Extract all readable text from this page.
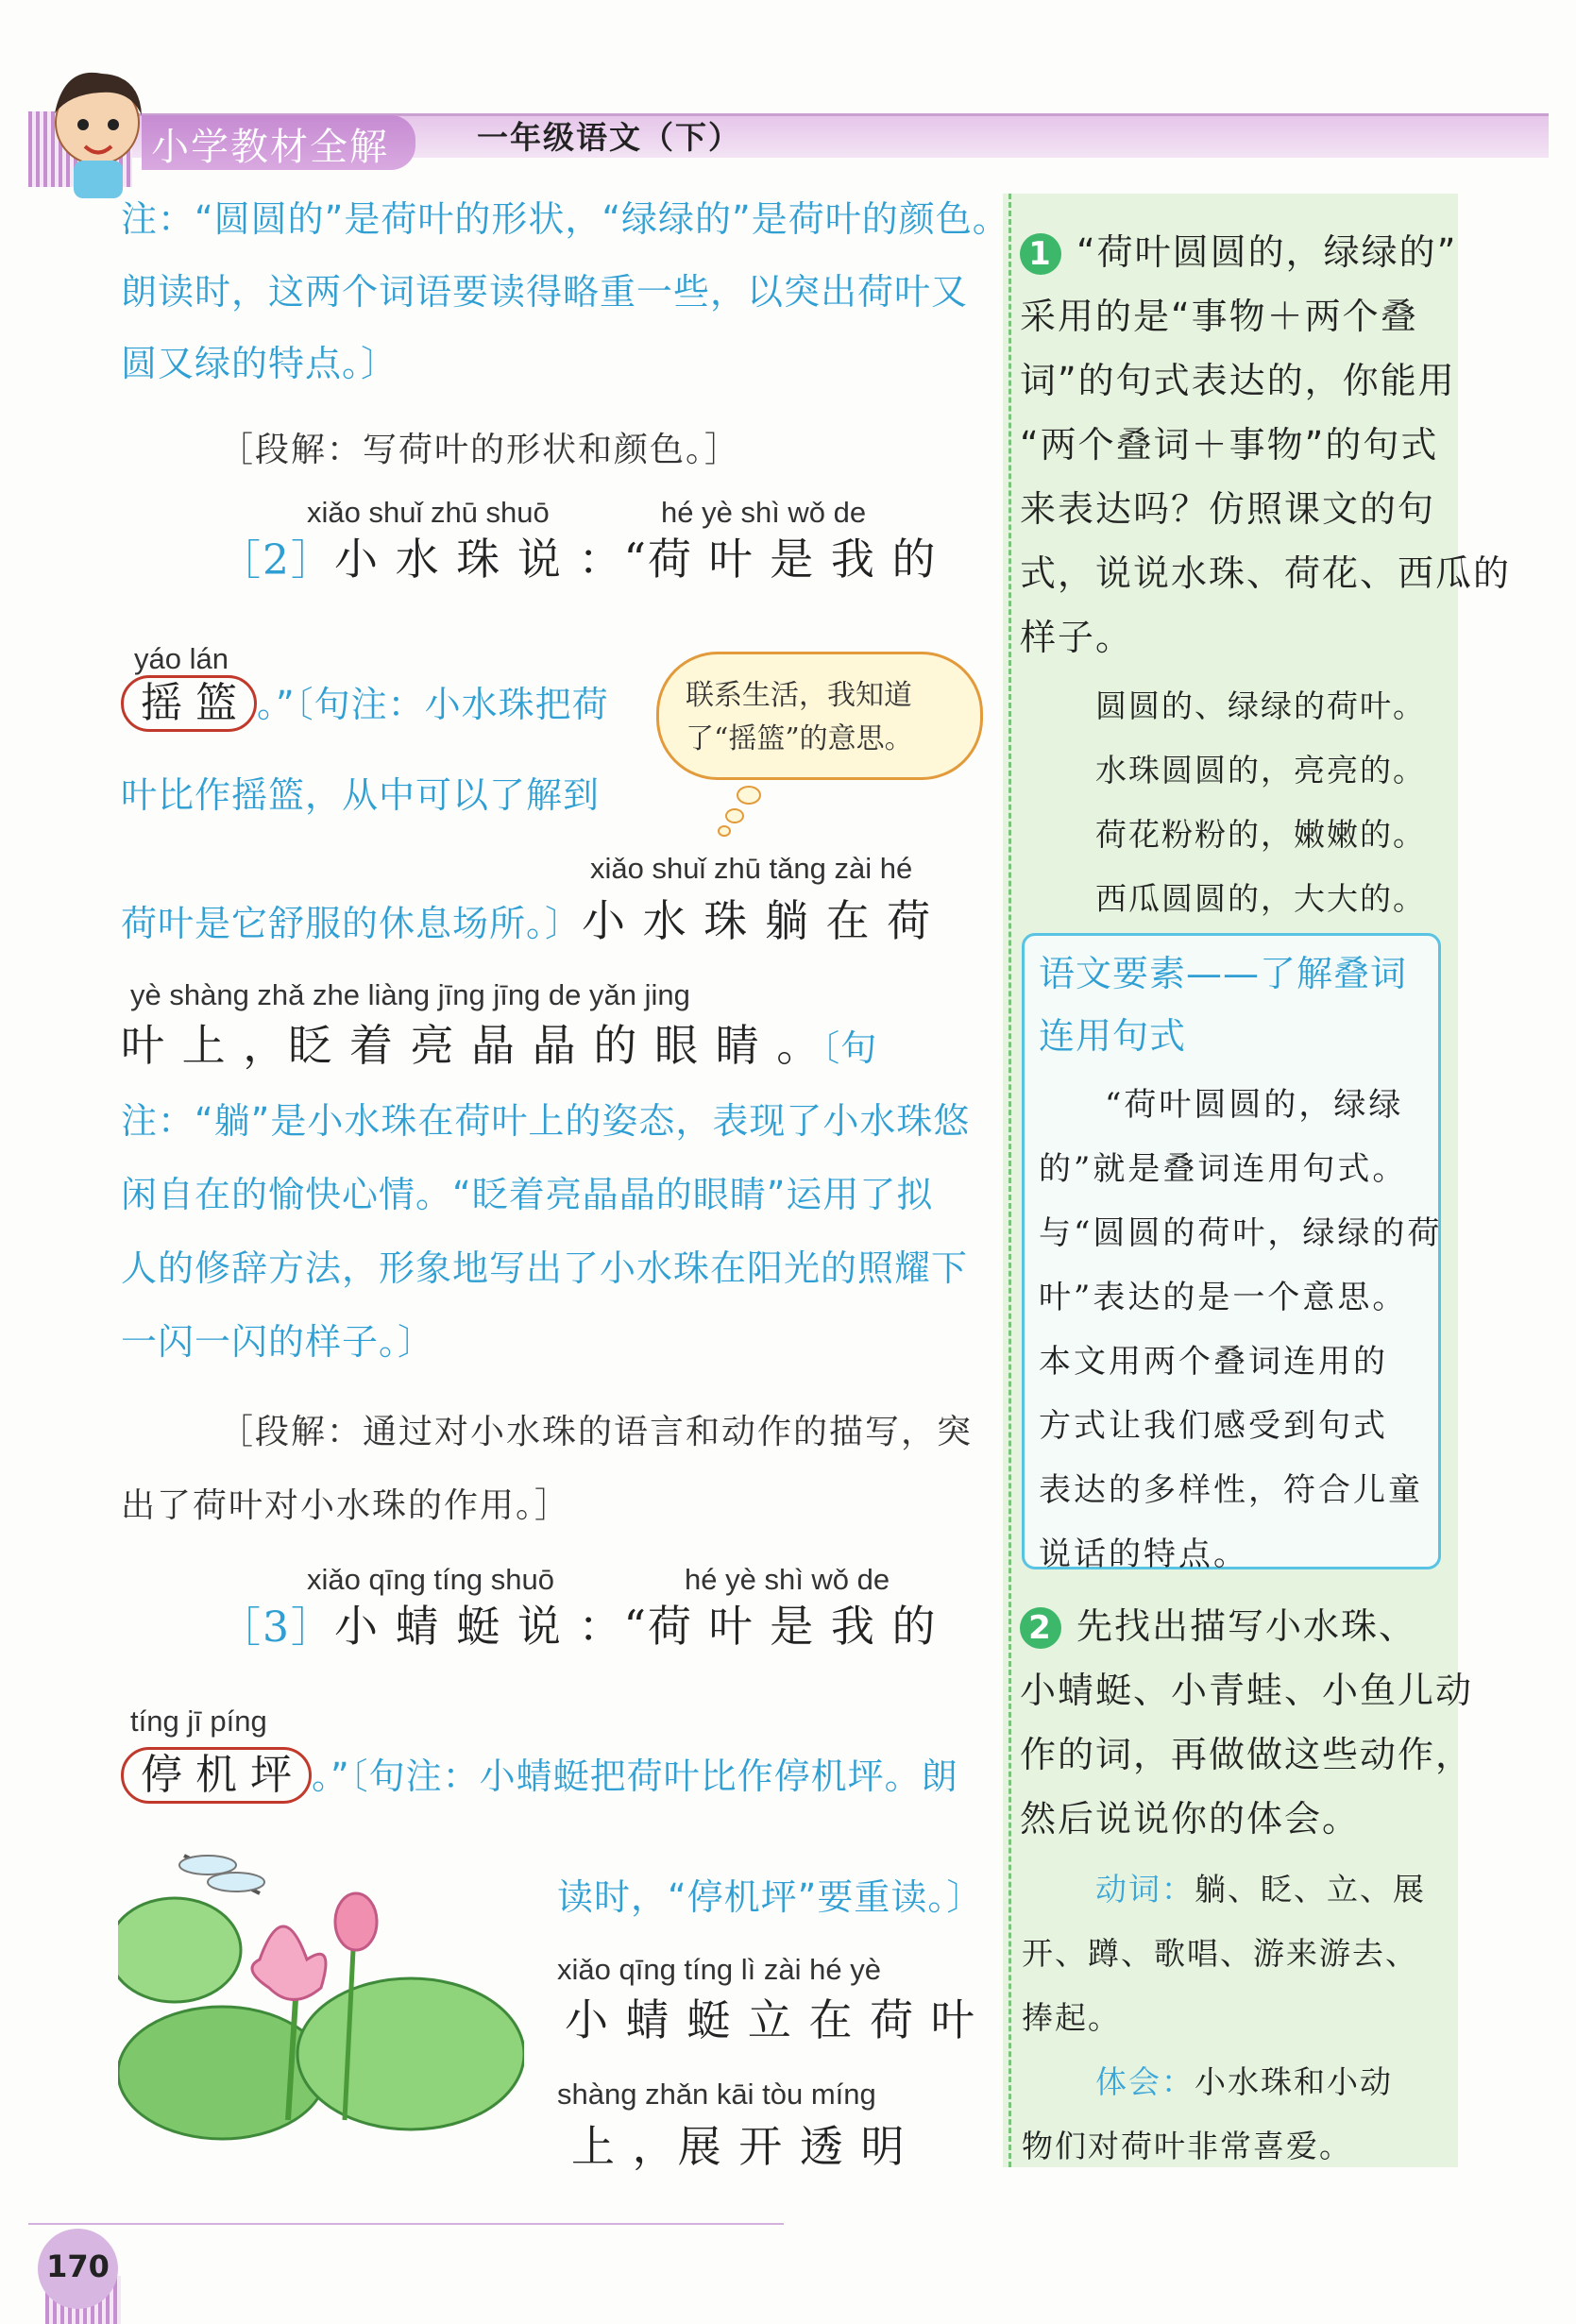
小学教材全解	一年级语文（下）
注：“圆圆的”是荷叶的形状，“绿绿的”是荷叶的颜色。
朗读时，这两个词语要读得略重一些，以突出荷叶又
圆又绿的特点。〕
［段解：写荷叶的形状和颜色。］
xiǎo shuǐ zhū shuō	hé yè shì wǒ de
［2］小 水 珠 说 ：“荷 叶 是 我 的
yáo lán
摇 篮 。”〔句注：小水珠把荷
叶比作摇篮，从中可以了解到

联系生活，我知道

了“摇篮”的意思。

xiǎo shuǐ zhū tǎng zài hé
荷叶是它舒服的休息场所。〕小 水 珠 躺 在 荷
yè shàng zhǎ zhe liàng jīng jīng de yǎn jing
叶 上 ，眨 着 亮 晶 晶 的 眼 睛 。〔句
注：“躺”是小水珠在荷叶上的姿态，表现了小水珠悠
闲自在的愉快心情。“眨着亮晶晶的眼睛”运用了拟
人的修辞方法，形象地写出了小水珠在阳光的照耀下
一闪一闪的样子。〕
［段解：通过对小水珠的语言和动作的描写，突
出了荷叶对小水珠的作用。］
xiǎo qīng tíng shuō	hé yè shì wǒ de
［3］小 蜻 蜓 说 ：“荷 叶 是 我 的
tíng jī píng
停 机 坪 。”〔句注：小蜻蜓把荷叶比作停机坪。朗
读时，“停机坪”要重读。〕
xiǎo qīng tíng lì zài hé yè
小 蜻 蜓 立 在 荷 叶
shàng zhǎn kāi tòu míng
上 ，展 开 透 明
1 “荷叶圆圆的，绿绿的”
采用的是“事物＋两个叠
词”的句式表达的，你能用
“两个叠词＋事物”的句式
来表达吗？仿照课文的句
式，说说水珠、荷花、西瓜的
样子。
圆圆的、绿绿的荷叶。
水珠圆圆的，亮亮的。
荷花粉粉的，嫩嫩的。
西瓜圆圆的，大大的。
语文要素——了解叠词
连用句式
“荷叶圆圆的，绿绿
的”就是叠词连用句式。
与“圆圆的荷叶，绿绿的荷
叶”表达的是一个意思。
本文用两个叠词连用的
方式让我们感受到句式
表达的多样性，符合儿童
说话的特点。
2 先找出描写小水珠、
小蜻蜓、小青蛙、小鱼儿动
作的词，再做做这些动作，
然后说说你的体会。
动词：躺、眨、立、展
开、蹲、歌唱、游来游去、
捧起。
体会：小水珠和小动
物们对荷叶非常喜爱。
170
